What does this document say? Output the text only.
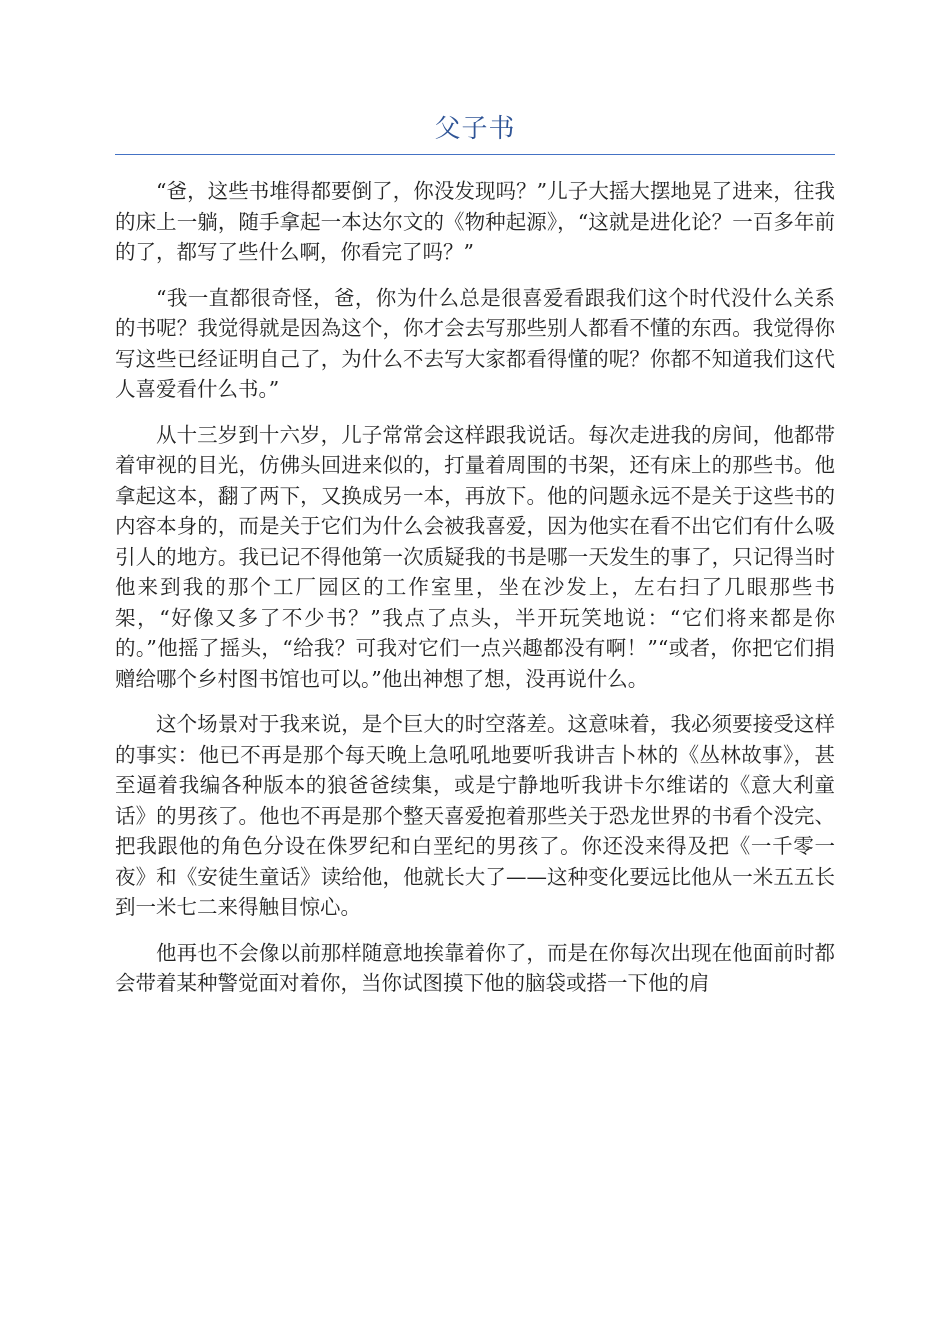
父子书

“爸，这些书堆得都要倒了，你没发现吗？”儿子大摇大摆地晃了进来，往我的床上一躺，随手拿起一本达尔文的《物种起源》，“这就是进化论？一百多年前的了，都写了些什么啊，你看完了吗？”

“我一直都很奇怪，爸，你为什么总是很喜爱看跟我们这个时代没什么关系的书呢？我觉得就是因為这个，你才会去写那些别人都看不懂的东西。我觉得你写这些已经证明自己了，为什么不去写大家都看得懂的呢？你都不知道我们这代人喜爱看什么书。”

从十三岁到十六岁，儿子常常会这样跟我说话。每次走进我的房间，他都带着审视的目光，仿佛头回进来似的，打量着周围的书架，还有床上的那些书。他拿起这本，翻了两下，又换成另一本，再放下。他的问题永远不是关于这些书的内容本身的，而是关于它们为什么会被我喜爱，因为他实在看不出它们有什么吸引人的地方。我已记不得他第一次质疑我的书是哪一天发生的事了，只记得当时他来到我的那个工厂园区的工作室里，坐在沙发上，左右扫了几眼那些书架，“好像又多了不少书？”我点了点头，半开玩笑地说：“它们将来都是你的。”他摇了摇头，“给我？可我对它们一点兴趣都没有啊！”“或者，你把它们捐赠给哪个乡村图书馆也可以。”他出神想了想，没再说什么。

这个场景对于我来说，是个巨大的时空落差。这意味着，我必须要接受这样的事实：他已不再是那个每天晚上急吼吼地要听我讲吉卜林的《丛林故事》，甚至逼着我编各种版本的狼爸爸续集，或是宁静地听我讲卡尔维诺的《意大利童话》的男孩了。他也不再是那个整天喜爱抱着那些关于恐龙世界的书看个没完、把我跟他的角色分设在侏罗纪和白垩纪的男孩了。你还没来得及把《一千零一夜》和《安徒生童话》读给他，他就长大了——这种变化要远比他从一米五五长到一米七二来得触目惊心。

他再也不会像以前那样随意地挨靠着你了，而是在你每次出现在他面前时都会带着某种警觉面对着你，当你试图摸下他的脑袋或搭一下他的肩
